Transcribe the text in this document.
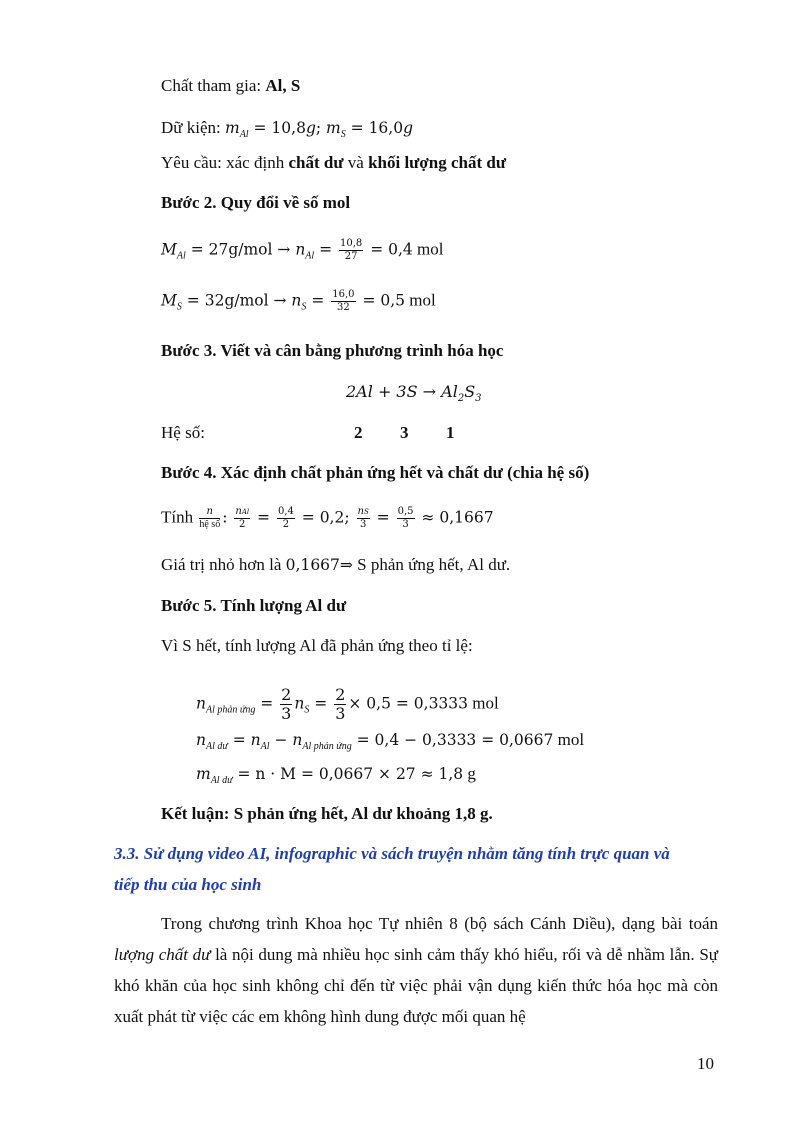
Chất tham gia: Al, S
Dữ kiện: $m_{Al} = 10,8g$; $m_S = 16,0g$
Yêu cầu: xác định chất dư và khối lượng chất dư
Bước 2. Quy đổi về số mol
$M_{Al} = 27g/mol \to n_{Al} = \frac{10,8}{27} = 0,4$ mol
$M_S = 32g/mol \to n_S = \frac{16,0}{32} = 0,5$ mol
Bước 3. Viết và cân bằng phương trình hóa học
$2Al + 3S \to Al_2S_3$
Hệ số:	2 3 1
Bước 4. Xác định chất phản ứng hết và chất dư (chia hệ số)
Tính $\frac{n}{\text{hệ số}}$ : $\frac{\text{nAl}}{2} = \frac{0,4}{2} = 0,2$; $\frac{nS}{3} = \frac{0,5}{3} \approx 0,1667$
Giá trị nhỏ hơn là 0,1667⇒ S phản ứng hết, Al dư.
Bước 5. Tính lượng Al dư
Vì S hết, tính lượng Al đã phản ứng theo tỉ lệ:
$n_{Al phản ứng} = \frac{2}{3} n_S = \frac{2}{3} \times 0,5 = 0,3333$ mol
$n_{Al dư} = n_{Al} - n_{Al phản ứng} = 0,4 - 0,3333 = 0,0667$ mol
$m_{Al dư} = n \cdot M = 0,0667 \times 27 \approx 1,8$ g
Kết luận: S phản ứng hết, Al dư khoảng 1,8 g.
3.3. Sử dụng video AI, infographic và sách truyện nhằm tăng tính trực quan và
tiếp thu của học sinh

Trong chương trình Khoa học Tự nhiên 8 (bộ sách Cánh Diều), dạng bài toán lượng chất dư là nội dung mà nhiều học sinh cảm thấy khó hiểu, rối và dễ nhầm lẫn. Sự khó khăn của học sinh không chỉ đến từ việc phải vận dụng kiến thức hóa học mà còn xuất phát từ việc các em không hình dung được mối quan hệ

10
